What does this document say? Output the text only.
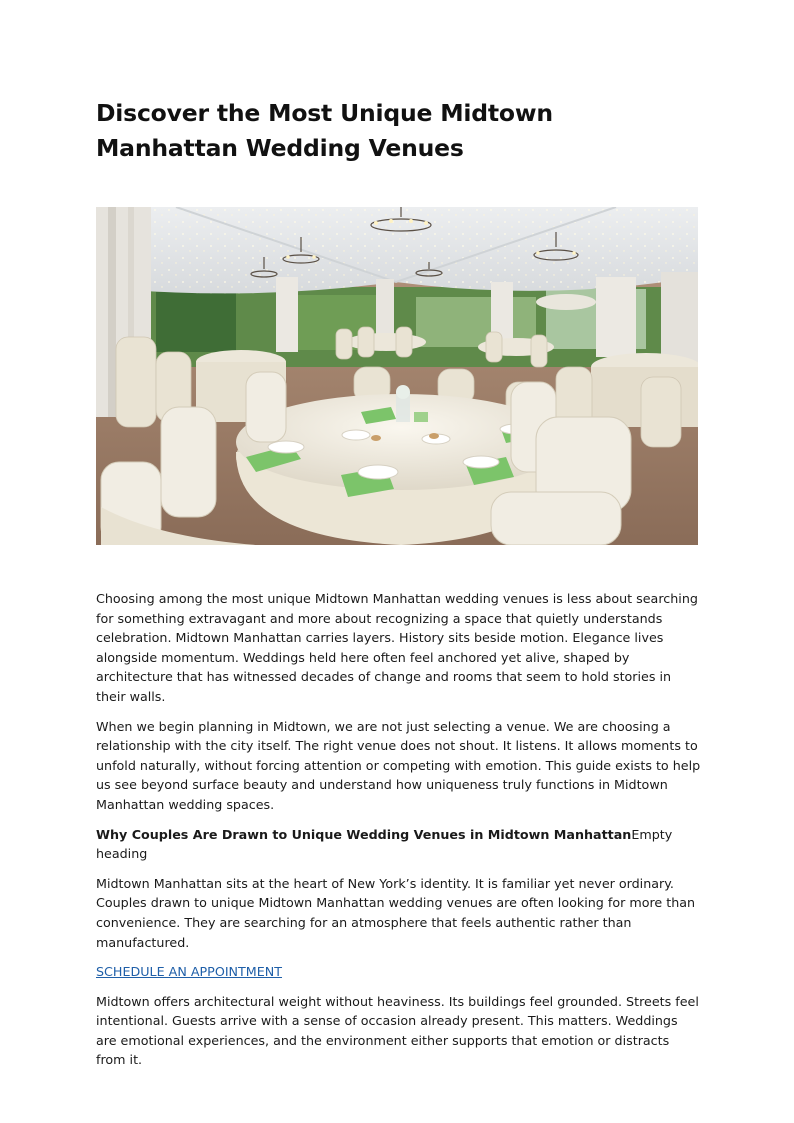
Discover the Most Unique Midtown Manhattan Wedding Venues

Choosing among the most unique Midtown Manhattan wedding venues is less about searching for something extravagant and more about recognizing a space that quietly understands celebration. Midtown Manhattan carries layers. History sits beside motion. Elegance lives alongside momentum. Weddings held here often feel anchored yet alive, shaped by architecture that has witnessed decades of change and rooms that seem to hold stories in their walls.

When we begin planning in Midtown, we are not just selecting a venue. We are choosing a relationship with the city itself. The right venue does not shout. It listens. It allows moments to unfold naturally, without forcing attention or competing with emotion. This guide exists to help us see beyond surface beauty and understand how uniqueness truly functions in Midtown Manhattan wedding spaces.

Why Couples Are Drawn to Unique Wedding Venues in Midtown ManhattanEmpty heading

Midtown Manhattan sits at the heart of New York’s identity. It is familiar yet never ordinary. Couples drawn to unique Midtown Manhattan wedding venues are often looking for more than convenience. They are searching for an atmosphere that feels authentic rather than manufactured.

SCHEDULE AN APPOINTMENT

Midtown offers architectural weight without heaviness. Its buildings feel grounded. Streets feel intentional. Guests arrive with a sense of occasion already present. This matters. Weddings are emotional experiences, and the environment either supports that emotion or distracts from it.
